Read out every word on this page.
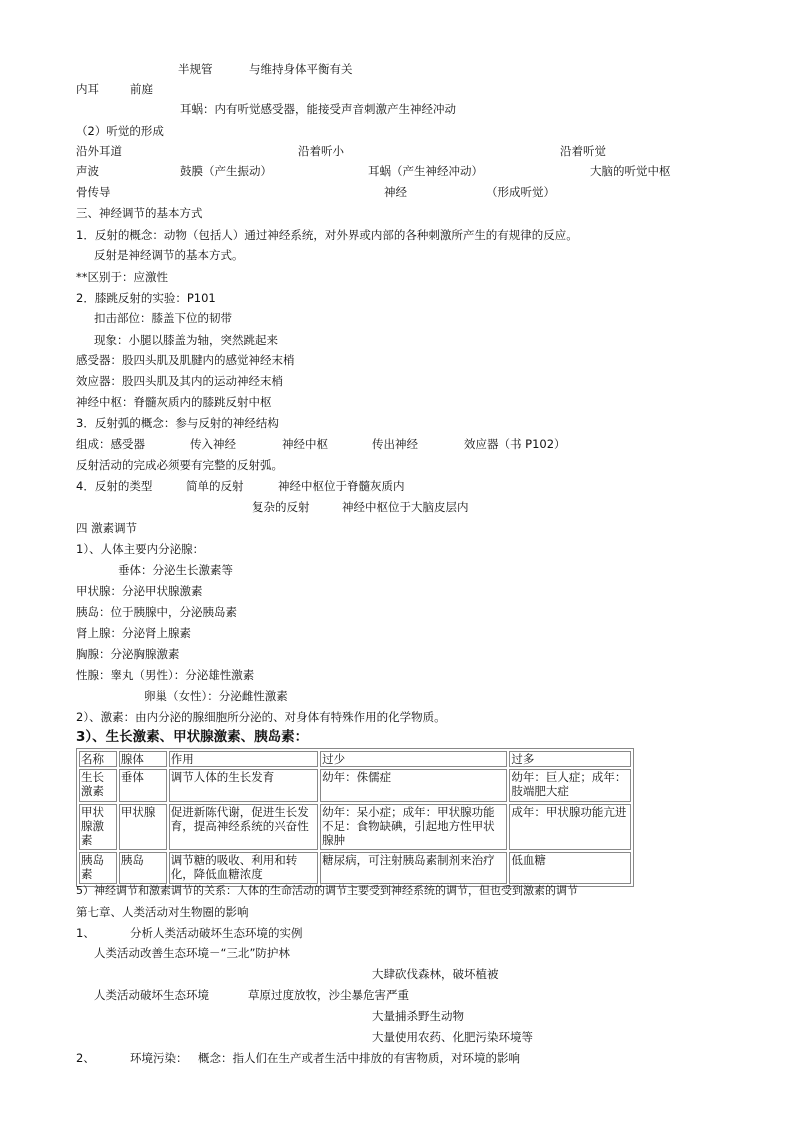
半规管	与维持身体平衡有关
内耳	前庭
耳蜗：内有听觉感受器，能接受声音刺激产生神经冲动
（2）听觉的形成
沿外耳道	沿着听小	沿着听觉
声波	鼓膜（产生振动）	耳蜗（产生神经冲动）	大脑的听觉中枢
骨传导	神经	（形成听觉）
三、神经调节的基本方式
1．反射的概念：动物（包括人）通过神经系统，对外界或内部的各种刺激所产生的有规律的反应。
反射是神经调节的基本方式。
**区别于：应激性
2．膝跳反射的实验：P101
扣击部位：膝盖下位的韧带
现象：小腿以膝盖为轴，突然跳起来
感受器：股四头肌及肌腱内的感觉神经末梢
效应器：股四头肌及其内的运动神经末梢
神经中枢：脊髓灰质内的膝跳反射中枢
3．反射弧的概念：参与反射的神经结构
组成：感受器	传入神经	神经中枢	传出神经	效应器（书 P102）
反射活动的完成必须要有完整的反射弧。
4．反射的类型	简单的反射	神经中枢位于脊髓灰质内
复杂的反射	神经中枢位于大脑皮层内
四 激素调节
1）、人体主要内分泌腺：
垂体：分泌生长激素等
甲状腺：分泌甲状腺激素
胰岛：位于胰腺中，分泌胰岛素
肾上腺：分泌肾上腺素
胸腺：分泌胸腺激素
性腺：睾丸（男性）：分泌雄性激素
卵巢（女性）：分泌雌性激素
2）、激素：由内分泌的腺细胞所分泌的、对身体有特殊作用的化学物质。
3）、生长激素、甲状腺激素、胰岛素：
名称	腺体	作用	过少	过多
生长激素	垂体	调节人体的生长发育	幼年：侏儒症	幼年：巨人症；成年：肢端肥大症
甲状腺激素	甲状腺	促进新陈代谢，促进生长发育，提高神经系统的兴奋性	幼年：呆小症；成年：甲状腺功能不足：食物缺碘，引起地方性甲状腺肿	成年：甲状腺功能亢进
胰岛素	胰岛	调节糖的吸收、利用和转化，降低血糖浓度	糖尿病，可注射胰岛素制剂来治疗	低血糖
5）神经调节和激素调节的关系：人体的生命活动的调节主要受到神经系统的调节，但也受到激素的调节
第七章、人类活动对生物圈的影响
1、	分析人类活动破坏生态环境的实例
人类活动改善生态环境－“三北”防护林
大肆砍伐森林，破坏植被
人类活动破坏生态环境	草原过度放牧，沙尘暴危害严重
大量捕杀野生动物
大量使用农药、化肥污染环境等
2、	环境污染： 概念：指人们在生产或者生活中排放的有害物质，对环境的影响
